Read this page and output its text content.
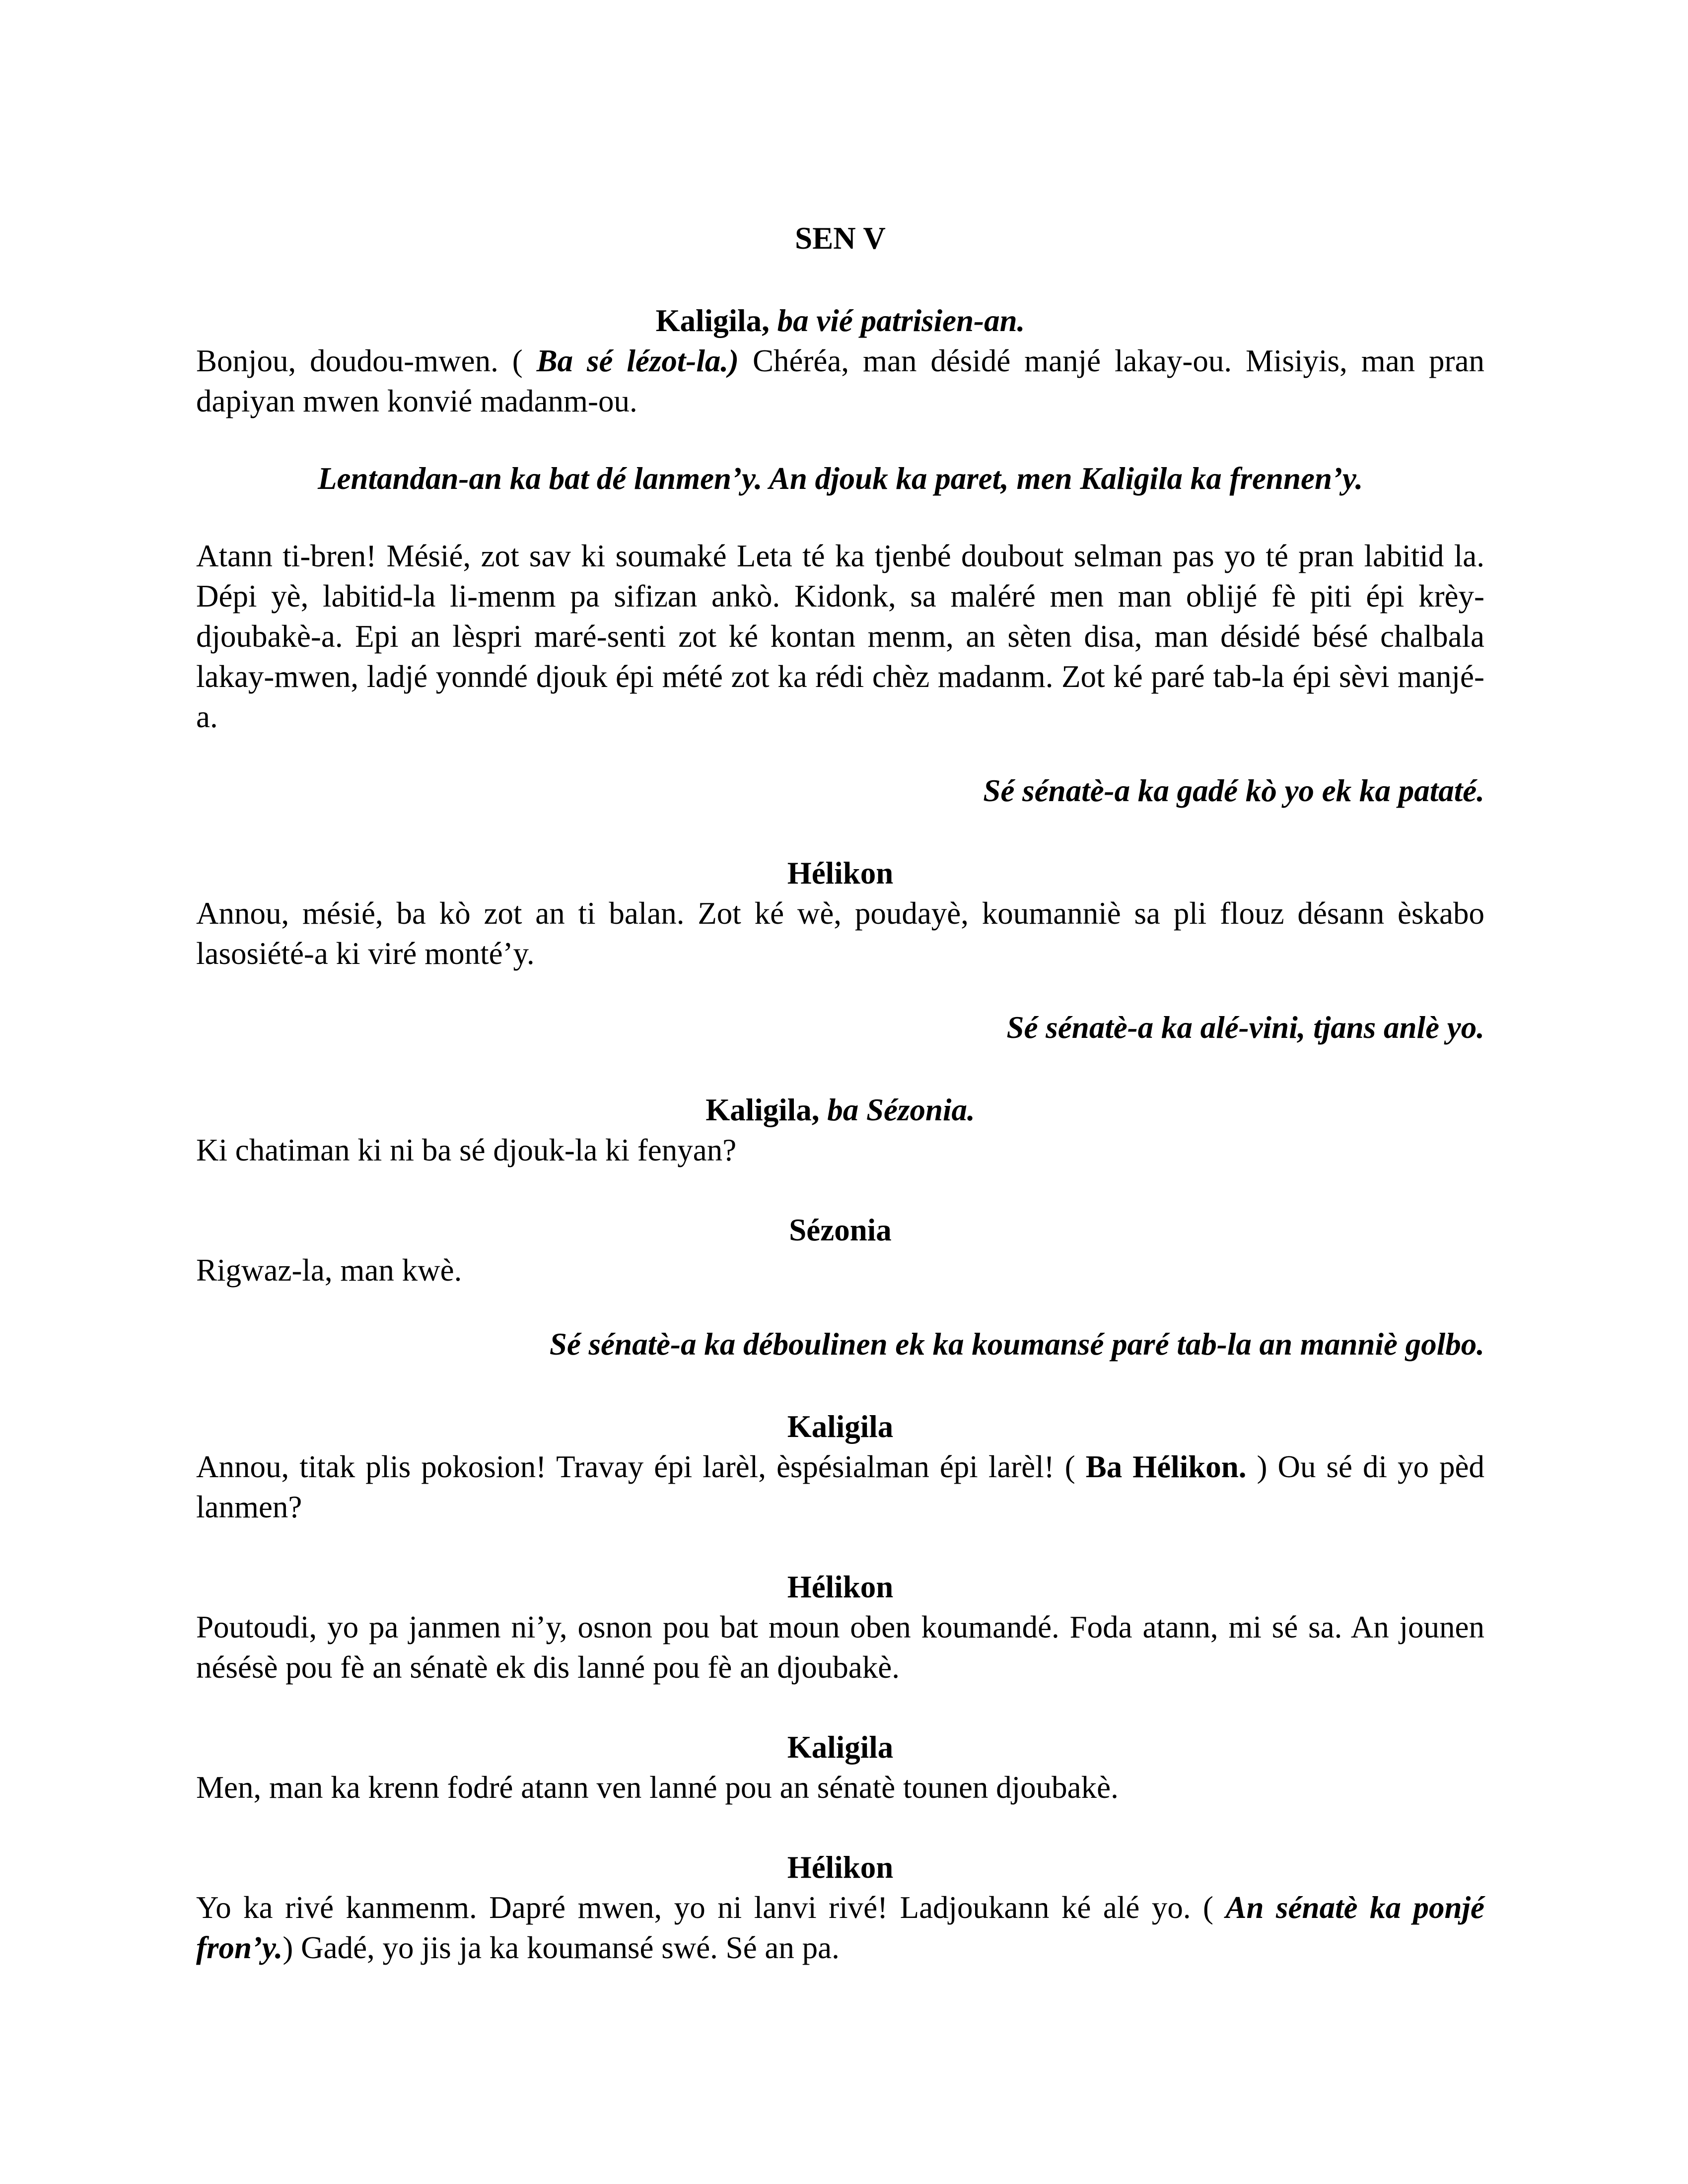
SEN V

Kaligila, ba vié patrisien-an.

Bonjou, doudou-mwen. ( Ba sé lézot-la.) Chéréa, man désidé manjé lakay-ou. Misiyis, man pran dapiyan mwen konvié madanm-ou.

Lentandan-an ka bat dé lanmen’y. An djouk ka paret, men Kaligila ka frennen’y.

Atann ti-bren! Mésié, zot sav ki soumaké Leta té ka tjenbé doubout selman pas yo té pran labitid la. Dépi yè, labitid-la li-menm pa sifizan ankò. Kidonk, sa maléré men man oblijé fè piti épi krèy-djoubakè-a. Epi an lèspri maré-senti zot ké kontan menm, an sèten disa, man désidé bésé chalbala lakay-mwen, ladjé yonndé djouk épi mété zot ka rédi chèz madanm. Zot ké paré tab-la épi sèvi manjé-a.

Sé sénatè-a ka gadé kò yo ek ka pataté.

Hélikon

Annou, mésié, ba kò zot an ti balan. Zot ké wè, poudayè, koumanniè sa pli flouz désann èskabo lasosiété-a ki viré monté’y.

Sé sénatè-a ka alé-vini, tjans anlè yo.

Kaligila, ba Sézonia.

Ki chatiman ki ni ba sé djouk-la ki fenyan?

Sézonia

Rigwaz-la, man kwè.

Sé sénatè-a ka déboulinen ek ka koumansé paré tab-la an manniè golbo.

Kaligila

Annou, titak plis pokosion! Travay épi larèl, èspésialman épi larèl! ( Ba Hélikon. ) Ou sé di yo pèd lanmen?

Hélikon

Poutoudi, yo pa janmen ni’y, osnon pou bat moun oben koumandé. Foda atann, mi sé sa. An jounen nésésè pou fè an sénatè ek dis lanné pou fè an djoubakè.

Kaligila

Men, man ka krenn fodré atann ven lanné pou an sénatè tounen djoubakè.

Hélikon

Yo ka rivé kanmenm. Dapré mwen, yo ni lanvi rivé! Ladjoukann ké alé yo. ( An sénatè ka ponjé fron’y.) Gadé, yo jis ja ka koumansé swé. Sé an pa.
